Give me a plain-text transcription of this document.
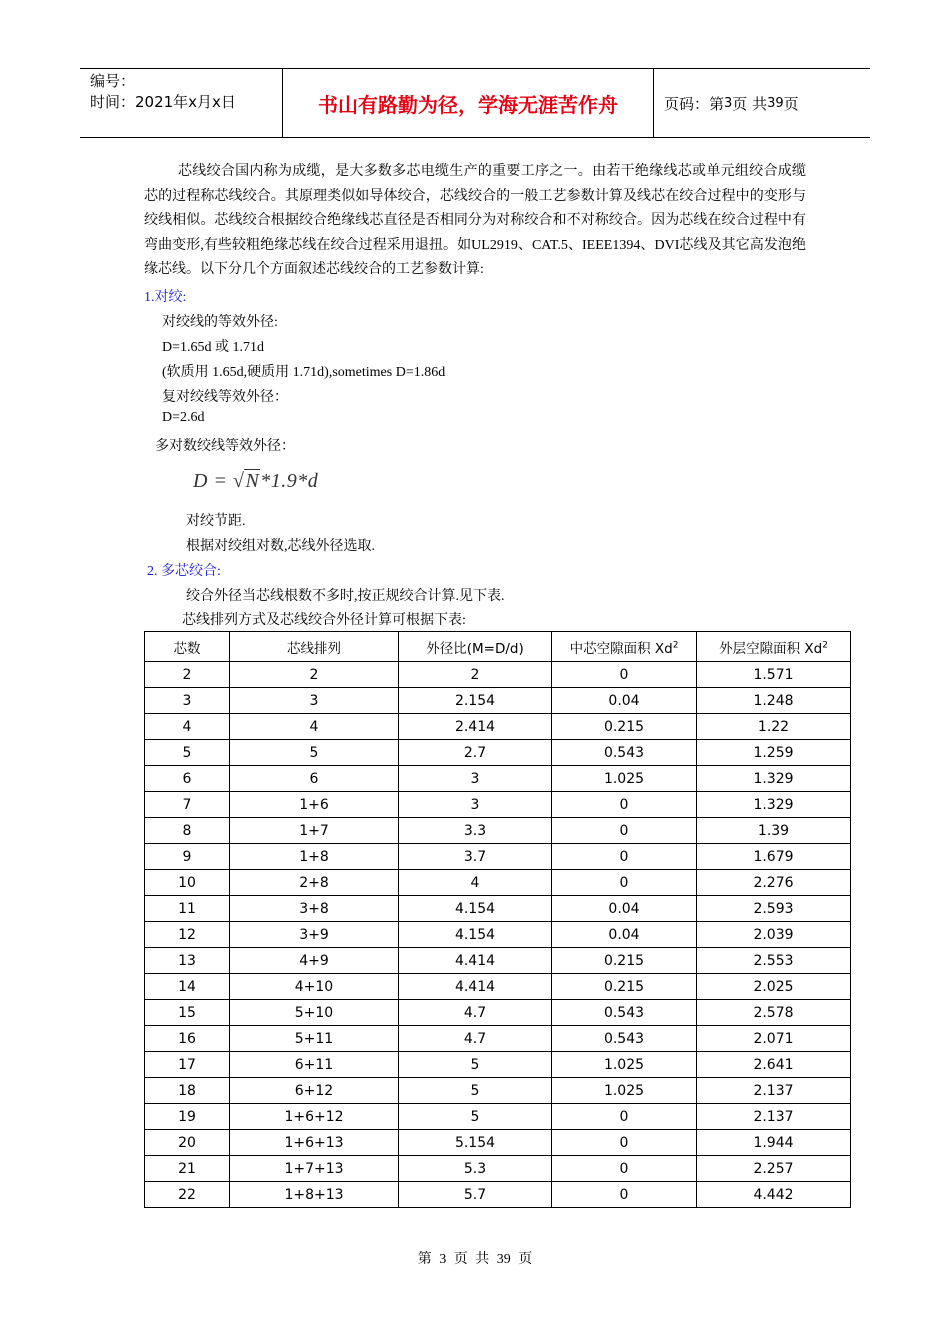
编号：
时间：2021年x月x日	书山有路勤为径，学海无涯苦作舟	页码：第 3 页 共 39 页

芯线绞合国内称为成缆，是大多数多芯电缆生产的重要工序之一。由若干绝缘线芯或单元组绞合成缆芯的过程称芯线绞合。其原理类似如导体绞合，芯线绞合的一般工艺参数计算及线芯在绞合过程中的变形与绞线相似。芯线绞合根据绞合绝缘线芯直径是否相同分为对称绞合和不对称绞合。因为芯线在绞合过程中有弯曲变形,有些较粗绝缘芯线在绞合过程采用退扭。如UL2919、CAT.5、IEEE1394、DVI芯线及其它高发泡绝缘芯线。以下分几个方面叙述芯线绞合的工艺参数计算:

1.对绞:
对绞线的等效外径:
D=1.65d 或 1.71d
(软质用 1.65d,硬质用 1.71d),sometimes D=1.86d
复对绞线等效外径：
D=2.6d
多对数绞线等效外径：
D = √N*1.9*d
对绞节距.
根据对绞组对数,芯线外径选取.
2. 多芯绞合:
绞合外径当芯线根数不多时,按正规绞合计算.见下表.
芯线排列方式及芯线绞合外径计算可根据下表:
芯数	芯线排列	外径比(M=D/d)	中芯空隙面积 Xd$^2$	外层空隙面积 Xd$^2$
2	2	2	0	1.571
3	3	2.154	0.04	1.248
4	4	2.414	0.215	1.22
5	5	2.7	0.543	1.259
6	6	3	1.025	1.329
7	1+6	3	0	1.329
8	1+7	3.3	0	1.39
9	1+8	3.7	0	1.679
10	2+8	4	0	2.276
11	3+8	4.154	0.04	2.593
12	3+9	4.154	0.04	2.039
13	4+9	4.414	0.215	2.553
14	4+10	4.414	0.215	2.025
15	5+10	4.7	0.543	2.578
16	5+11	4.7	0.543	2.071
17	6+11	5	1.025	2.641
18	6+12	5	1.025	2.137
19	1+6+12	5	0	2.137
20	1+6+13	5.154	0	1.944
21	1+7+13	5.3	0	2.257
22	1+8+13	5.7	0	4.442
第 3 页 共 39 页
